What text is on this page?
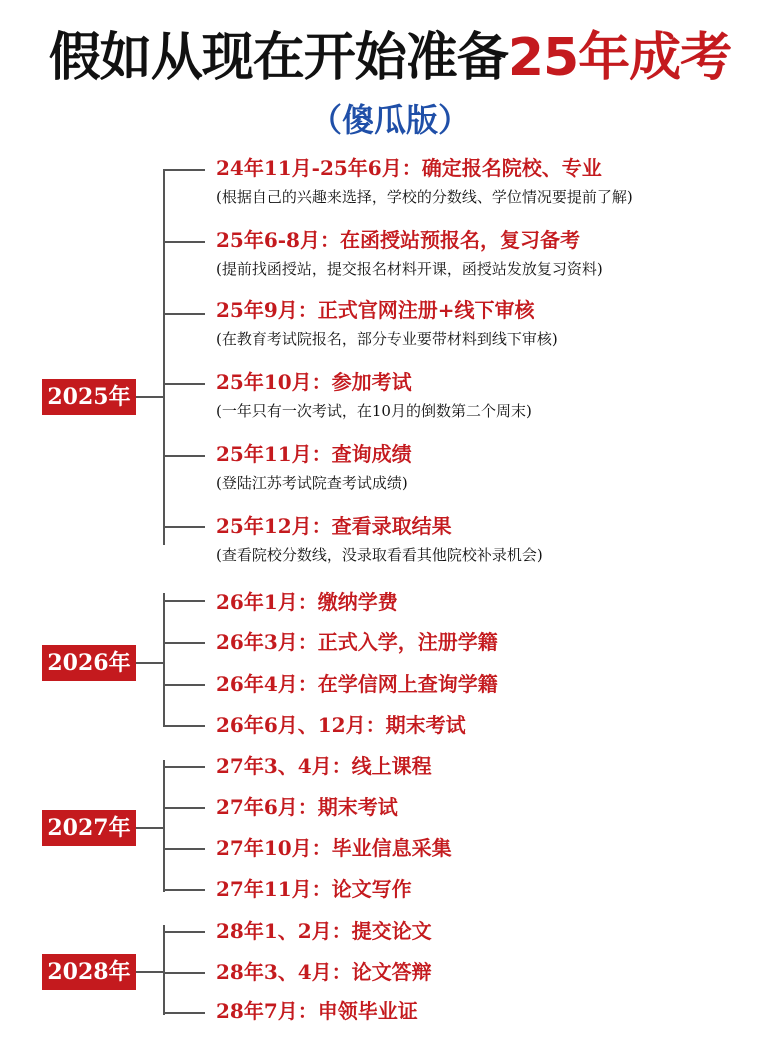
假如从现在开始准备25年成考
（傻瓜版）
2025年
24年11月-25年6月：确定报名院校、专业
(根据自己的兴趣来选择，学校的分数线、学位情况要提前了解)
25年6-8月：在函授站预报名，复习备考
(提前找函授站，提交报名材料开课，函授站发放复习资料)
25年9月：正式官网注册+线下审核
(在教育考试院报名，部分专业要带材料到线下审核)
25年10月：参加考试
(一年只有一次考试，在10月的倒数第二个周末)
25年11月：查询成绩
(登陆江苏考试院查考试成绩)
25年12月：查看录取结果
(查看院校分数线，没录取看看其他院校补录机会)
2026年
26年1月：缴纳学费
26年3月：正式入学，注册学籍
26年4月：在学信网上查询学籍
26年6月、12月：期末考试
2027年
27年3、4月：线上课程
27年6月：期末考试
27年10月：毕业信息采集
27年11月：论文写作
2028年
28年1、2月：提交论文
28年3、4月：论文答辩
28年7月：申领毕业证
